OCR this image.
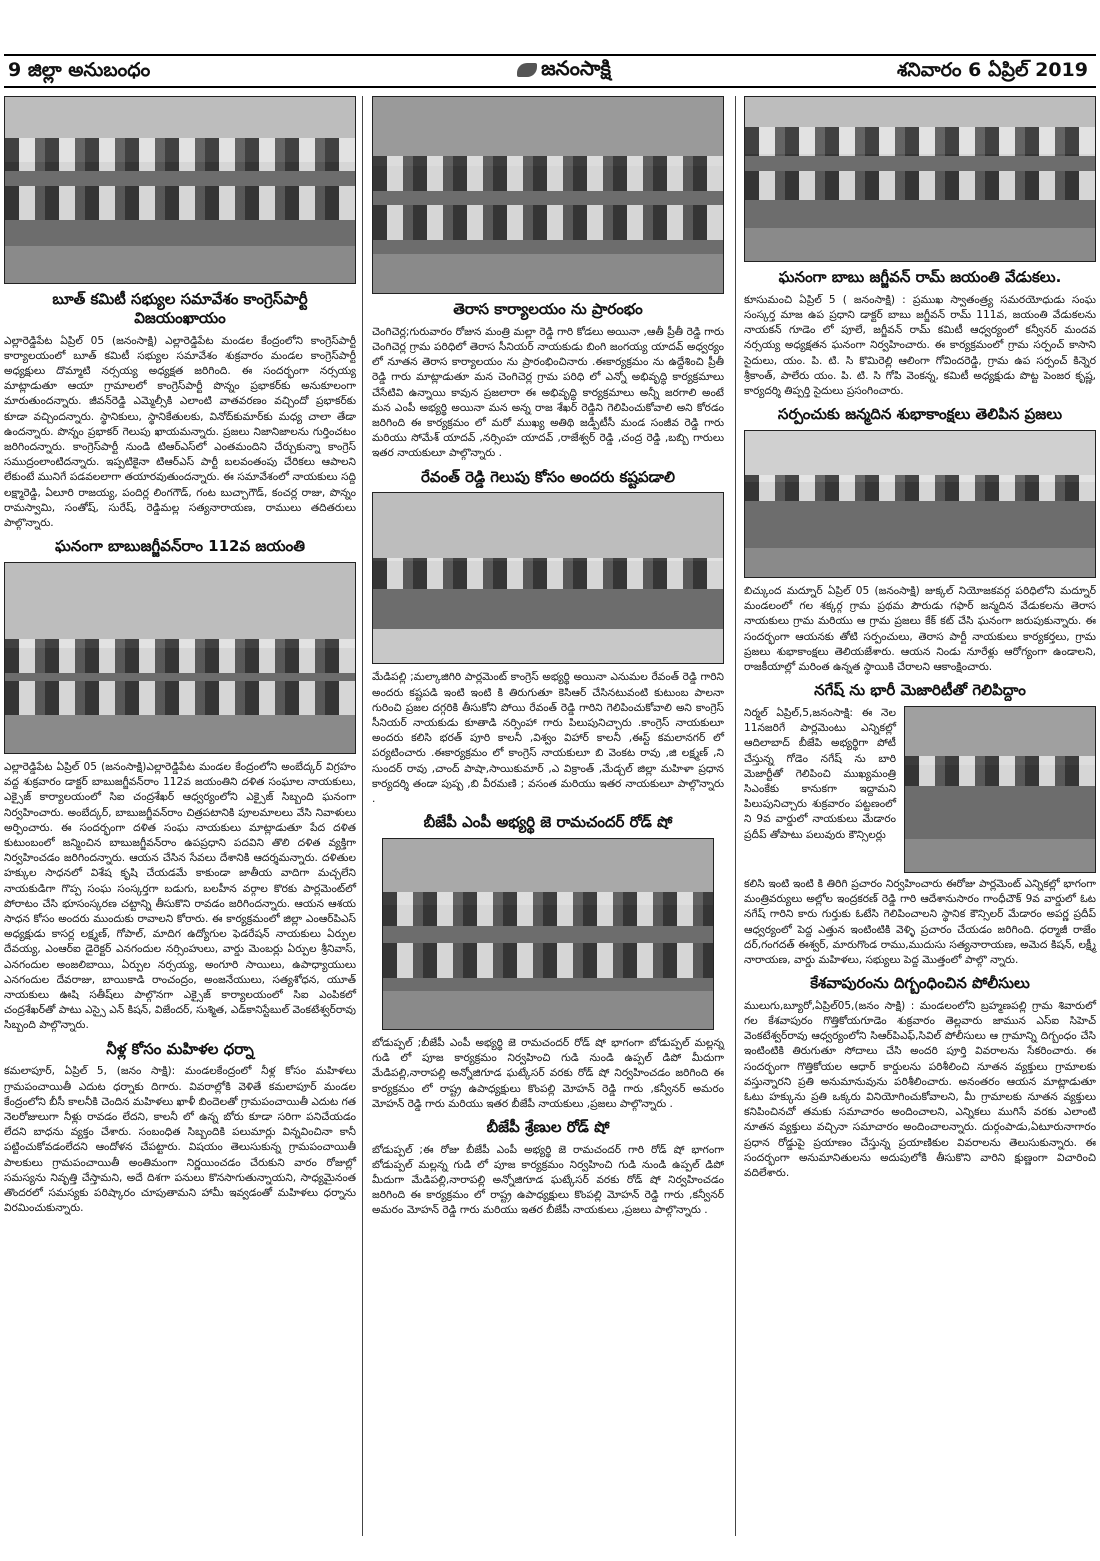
9 జిల్లా అనుబంధం	జనంసాక్షి	శనివారం 6 ఏప్రిల్ 2019
బూత్ కమిటీ సభ్యుల సమావేశం కాంగ్రెస్‌పార్టీ విజయంఖాయం

ఎల్లారెడ్డిపేట ఏప్రిల్ 05 (జనంసాక్షి) ఎల్లారెడ్డిపేట మండల కేంద్రంలోని కాంగ్రెస్‌పార్టీ కార్యాలయంలో బూత్ కమిటీ సభ్యుల సమావేశం శుక్రవారం మండల కాంగ్రెస్‌పార్టీ అధ్యక్షులు దొమ్మాటి నర్సయ్య అధ్యక్షత జరిగింది. ఈ సందర్భంగా నర్సయ్య మాట్లాడుతూ ఆయా గ్రామాలలో కాంగ్రెస్‌పార్టీ పొన్నం ప్రభాకర్‌కు అనుకూలంగా మారుతుందన్నారు. జీవన్‌రెడ్డి ఎమ్మెల్సీకి ఎలాంటి వాతవరణం వచ్చిందో ప్రభాకర్‌కు కూడా వచ్చిందన్నారు. స్థానికులు, స్థానికేతులకు, వినోద్‌కుమార్‌కు మధ్య చాలా తేడా ఉందన్నారు. పొన్నం ప్రభాకర్ గెలుపు ఖాయమన్నారు. ప్రజలు నిజానిజాలను గుర్తించటం జరిగిందన్నారు. కాంగ్రెస్‌పార్టీ నుండి టిఆర్‌ఎస్‌లో ఎంతమందిని చేర్చుకున్నా కాంగ్రెస్ సముద్రంలాంటిదన్నారు. ఇప్పటికైనా టిఆర్‌ఎస్ పార్టీ బలవంతంపు చేరికలు ఆపాలని లేకుంటే మునిగే పడవలలాగా తయారవుతుందన్నారు. ఈ సమావేశంలో నాయకులు సద్ది లక్ష్మారెడ్డి, ఏలూరి రాజయ్య, పందిర్ల లింగగౌడ్, గంట బుచ్చాగౌడ్, కంచర్ల రాజు, పొన్నం రామస్వామి, సంతోష్, సురేష్, రెడ్డిమల్ల సత్యనారాయణ, రాములు తదితరులు పాల్గొన్నారు.

ఘనంగా బాబుజగ్జీవన్‌రాం 112వ జయంతి

ఎల్లారెడ్డిపేట ఏప్రిల్ 05 (జనంసాక్షి)ఎల్లారెడ్డిపేట మండల కేంద్రంలోని అంబేద్కర్ విగ్రహం వద్ద శుక్రవారం డాక్టర్ బాబుజగ్జీవన్‌రాం 112వ జయంతిని దళిత సంఘాల నాయకులు, ఎక్సైజ్ కార్యాలయంలో సిఐ చంద్రశేఖర్ ఆధ్వర్యంలోని ఎక్సైజ్ సిబ్బంది ఘనంగా నిర్వహించారు. అంబేద్కర్, బాబుజగ్జీవన్‌రాం చిత్రపటానికి పూలమాలలు వేసి నివాళులు అర్పించారు. ఈ సందర్భంగా దళిత సంఘ నాయకులు మాట్లాడుతూ పేద దళిత కుటుంబంలో జన్మించిన బాబుజగ్జీవన్‌రాం ఉపప్రధాని పదవిని తొలి దళిత వ్యక్తిగా నిర్వహించడం జరిగిందన్నారు. ఆయన చేసిన సేవలు దేశానికి ఆదర్శమన్నారు. దళితుల హక్కుల సాధనలో విశేష కృషి చేయడమే కాకుండా జాతీయ వాదిగా మచ్చలేని నాయకుడిగా గొప్ప సంఘ సంస్కర్తగా బడుగు, బలహీన వర్గాల కొరకు పార్లమెంట్‌లో పోరాటం చేసి భూసంస్కరణ చట్టాన్ని తీసుకొని రావడం జరిగిందన్నారు. ఆయన ఆశయ సాధన కోసం అందరు ముందుకు రావాలని కోరారు. ఈ కార్యక్రమంలో జిల్లా ఎంఆర్‌పిఎస్ అధ్యక్షుడు కాసర్ల లక్ష్మణ్, గోపాల్, మాదిగ ఉద్యోగుల ఫెడరేషన్ నాయకులు ఏర్పుల దేవయ్య, ఎంఆర్‌ఐ డైరెక్టర్ ఎనగందుల నర్సింహులు, వార్డు మెంబర్లు ఏర్పుల శ్రీనివాస్, ఎనగందుల అంజలిబాయి, ఏర్పుల నర్సయ్య, అంగూరి సాయిలు, ఉపాధ్యాయులు ఎనగందుల దేవరాజు, బాయికాడి రాంచంద్రం, అంజనేయులు, సత్యశోధన, యూత్ నాయకులు ఊషి సతీష్‌లు పాల్గొనగా ఎక్సైజ్ కార్యాలయంలో సిఐ ఎంపికలో చంద్రశేఖర్‌తో పాటు ఎస్సై ఎన్ కిషన్, విజేందర్, సుశ్మిత, ఎడ్‌కానిస్టేబుల్ వెంకటేశ్వర్‌రావు సిబ్బంది పాల్గొన్నారు.

నీళ్ల కోసం మహిళల ధర్నా

కమలాపూర్, ఏప్రిల్ 5, (జనం సాక్షి): మండలకేంద్రంలో నీళ్ల కోసం మహిళలు గ్రామపంచాయితీ ఎదుట ధర్నాకు దిగారు. వివరాల్లోకి వెళితే కమలాపూర్ మండల కేంద్రంలోని బీసీ కాలనీకి చెందిన మహిళలు ఖాళీ బిందెలతో గ్రామపంచాయితీ ఎదుట గత నెలరోజులుగా నీళ్లు రావడం లేదని, కాలనీ లో ఉన్న బోరు కూడా సరిగా పనిచేయడం లేదని బాధను వ్యక్తం చేశారు. సంబంధిత సిబ్బందికి పలుమార్లు విన్నవించినా కానీ పట్టించుకోవడంలేదని ఆందోళన చేపట్టారు. విషయం తెలుసుకున్న గ్రామపంచాయితీ పాలకులు గ్రామపంచాయితీ అంతిమంగా నిర్ణయించడం చేరుకుని వారం రోజుల్లో సమస్యను నివృత్తి చేస్తామని, అదే దిశగా పనులు కొనసాగుతున్నాయని, సాధ్యమైనంత తొందరలో సమస్యకు పరిష్కారం చూపుతామని హామీ ఇవ్వడంతో మహిళలు ధర్నాను విరమించుకున్నారు.

తెరాస కార్యాలయం ను ప్రారంభం

చెంగిచెర్ల;గురువారం రోజున మంత్రి మల్లా రెడ్డి గారి కోడలు అయినా ,ఆతీ ప్రీతీ రెడ్డి గారు చెంగిచెర్ల గ్రామ పరిధిలో తెరాస సీనియర్ నాయకుడు బింగి జంగయ్య యాదవ్ అధ్వర్యం లో నూతన తెరాస కార్యాలయం ను ప్రారంభించినారు .ఈకార్యక్రమం ను ఉద్దేశించి ప్రీతీ రెడ్డి గారు మాట్లాడుతూ మన చెంగిచెర్ల గ్రామ పరిధి లో ఎన్నో అభివృద్ధి కార్యక్రమాలు చేసేటివి ఉన్నాయి కావున ప్రజలారా ఈ అభివృద్ధి కార్యక్రమాలు అన్నీ జరగాలి అంటే మన ఎంపీ అభ్యర్థి అయినా మన అన్న రాజ శేఖర్ రెడ్డిని గెలిపించుకోవాలి అని కోరడం జరిగింది ఈ కార్యక్రమం లో మరో ముఖ్య అతిథి జడ్పీటీసీ మండ సంజీవ రెడ్డి గారు మరియు సోమేశ్ యాదవ్ ,నర్సింహ యాదవ్ ,రాజేశ్వర్ రెడ్డి ,చంద్ర రెడ్డి ,బబ్బి గారులు ఇతర నాయకులూ పాల్గొన్నారు .

రేవంత్ రెడ్డి గెలుపు కోసం అందరు కష్టపడాలి

మేడిపల్లి ;మల్కాజిగిరి పార్లమెంట్ కాంగ్రెస్ అభ్యర్థి అయినా ఎనుమల రేవంత్ రెడ్డి గారిని అందరు కష్టపడి ఇంటి ఇంటి కి తిరుగుతూ కెసిఆర్ చేసినటువంటి కుటుంబ పాలనా గురించి ప్రజల దగ్గరికి తీసుకోని పోయి రేవంత్ రెడ్డి గారిని గెలిపించుకోవాలి అని కాంగ్రెస్ సీనియర్ నాయకుడు కూతాడి నర్సింహా గారు పిలుపునిచ్చారు .కాంగ్రెస్ నాయకులూ అందరు కలిసి భరత్ పూరి కాలనీ ,విశ్వం విహార్ కాలనీ ,ఈస్ట్ కమలానగర్ లో పర్యటించారు .ఈకార్యక్రమం లో కాంగ్రెస్ నాయకులూ బి వెంకట రావు ,జి లక్ష్మణ్ ,ని సుందర్ రావు ,చాంద్ పాషా,సాయికుమార్ ,ఎ విక్రాంత్ ,మేడ్చల్ జిల్లా మహిళా ప్రధాన కార్యదర్శి తండా పుష్ప ,బి వీరమణి ; వసంత మరియు ఇతర నాయకులూ పాల్గొన్నారు .

బీజేపీ ఎంపీ అభ్యర్థి జె రామచందర్ రోడ్ షో

బోడుప్పల్ ;బీజేపీ ఎంపీ అభ్యర్థి జె రామచందర్ రోడ్ షో భాగంగా బోడుప్పల్ మల్లన్న గుడి లో పూజ కార్యక్రమం నిర్వహించి గుడి నుండి ఉప్పల్ డిపో మీదుగా మేడిపల్లి,నారాపల్లి అన్నోజిగూడ ఘట్కేసర్ వరకు రోడ్ షో నిర్వహించడం జరిగింది ఈ కార్యక్రమం లో రాష్ట్ర ఉపాధ్యక్షులు కొంపల్లి మోహన్ రెడ్డి గారు ,కన్వీనర్ అమరం మోహన్ రెడ్డి గారు మరియు ఇతర బీజేపీ నాయకులు ,ప్రజలు పాల్గొన్నారు .

బీజేపీ శ్రేణుల రోడ్ షో

బోడుప్పల్ ;ఈ రోజు బీజేపీ ఎంపీ అభ్యర్థి జె రామచందర్ గారి రోడ్ షో భాగంగా బోడుప్పల్ మల్లన్న గుడి లో పూజ కార్యక్రమం నిర్వహించి గుడి నుండి ఉప్పల్ డిపో మీదుగా మేడిపల్లి,నారాపల్లి అన్నోజిగూడ ఘట్కేసర్ వరకు రోడ్ షో నిర్వహించడం జరిగింది ఈ కార్యక్రమం లో రాష్ట్ర ఉపాధ్యక్షులు కొంపల్లి మోహన్ రెడ్డి గారు ,కన్వీనర్ అమరం మోహన్ రెడ్డి గారు మరియు ఇతర బీజేపీ నాయకులు ,ప్రజలు పాల్గొన్నారు .

ఘనంగా బాబు జగ్జీవన్ రామ్ జయంతి వేడుకలు.

కూసుమంచి ఏప్రిల్ 5 ( జనంసాక్షి) : ప్రముఖ స్వాతంత్ర్య సమరయోధుడు సంఘ సంస్కర్త మాజ ఉప ప్రధాని డాక్టర్ బాబు జగ్జీవన్ రామ్ 111వ, జయంతి వేడుకలను నాయకన్ గూడెం లో పూలే, జగ్జీవన్ రామ్ కమిటీ ఆధ్వర్యంలో కన్వీనర్ మందవ నర్సయ్య అధ్యక్షతన ఘనంగా నిర్వహించారు. ఈ కార్యక్రమంలో గ్రామ సర్పంచ్ కాసాని సైదులు, యం. పి. టి. సి కొమిరెల్లి ఆలింగా గోవిందరెడ్డి, గ్రామ ఉప సర్పంచ్ కిన్నెర శ్రీకాంత్, పాలేరు యం. పి. టి. సి గోపి వెంకన్న, కమిటీ అధ్యక్షుడు పొట్ట పెంజర కృష్ణ, కార్యదర్శి తిప్పర్తి సైదులు ప్రసంగించారు.

సర్పంచుకు జన్మదిన శుభాకాంక్షలు తెలిపిన ప్రజలు

బిచ్కుంద మద్నూర్ ఏప్రిల్ 05 (జనంసాక్షి) జుక్కల్ నియోజకవర్గ పరిధిలోని మద్నూర్ మండలంలో గల శక్కర్గ గ్రామ ప్రథమ పౌరుడు గఫార్ జన్మదిన వేడుకలను తెరాస నాయకులు గ్రామ మరియు ఆ గ్రామ ప్రజలు కేక్ కట్ చేసి ఘనంగా జరుపుకున్నారు. ఈ సందర్భంగా ఆయనకు తోటి సర్పంచులు, తెరాస పార్టీ నాయకులు కార్యకర్తలు, గ్రామ ప్రజలు శుభాకాంక్షలు తెలియజేశారు. ఆయన నిండు నూరేళ్లు ఆరోగ్యంగా ఉండాలని, రాజకీయాల్లో మరింత ఉన్నత స్థాయికి చేరాలని ఆకాంక్షించారు.

నగేష్ ను భారీ మెజారిటీతో గెలిపిద్దాం

నిర్మల్ ఏప్రిల్,5,జనంసాక్షి: ఈ నెల 11నజరిగే పార్లమెంటు ఎన్నికల్లో ఆదిలాబాద్ బీజేపి అభ్యర్థిగా పోటీ చేస్తున్న గోడెం నగేష్ ను బారి మెజార్టీతో గెలిపించి ముఖ్యమంత్రి సిఎంకేకు కానుకగా ఇద్దామని పిలుపునిచ్చారు శుక్రవారం పట్టణంలో ని 9వ వార్డులో నాయకులు మేడారం ప్రదీప్ తోపాటు పలువురు కౌన్సిలర్లు

కలిసి ఇంటి ఇంటి కి తిరిగి ప్రచారం నిర్వహించారు ఈరోజు పార్లమెంట్ ఎన్నికల్లో భాగంగా మంత్రివర్యులు అల్లోల ఇంద్రకరణ్ రెడ్డి గారి ఆదేశానుసారం గాంధీచౌక్ 9వ వార్డులో ఓట నగేష్ గారిని కారు గుర్తుకు ఓటేసి గెలిపించాలని స్థానిక కౌన్సిలర్ మేడారం అపర్ణ ప్రదీప్ ఆధ్వర్యంలో పెద్ద ఎత్తున ఇంటింటికి వెళ్ళి ప్రచారం చేయడం జరిగింది. ధర్మాజీ రాజేం దర్,గంగదత్ ఈశ్వర్, మారుగొండ రాము,ముదుసు సత్యనారాయణ, అమెద కిషన్, లక్ష్మీ నారాయణ, వార్డు మహిళలు, సభ్యులు పెద్ద మొత్తంలో పాల్గొ న్నారు.

కేశవాపురంను దిగ్బంధించిన పోలీసులు

ములుగు,బ్యూరో,ఏప్రిల్05,(జనం సాక్షి) : మండలంలోని బ్రహ్మణపల్లి గ్రామ శివారులో గల కేశవాపురం గొత్తికోయగూడెం శుక్రవారం తెల్లవారు జామున ఎస్ఐ సిహెచ్ వెంకటేశ్వర్‌రావు ఆధ్వర్యంలోని సిఆర్‌పిఎఫ్,సివిల్ పోలీసులు ఆ గ్రామాన్ని దిగ్బంధం చేసి ఇంటింటికి తిరుగుతూ సోదాలు చేసి అందరి పూర్తి వివరాలను సేకరించారు. ఈ సందర్భంగా గొత్తికోయల ఆధార్ కార్డులను పరిశీలించి నూతన వ్యక్తులు గ్రామాలకు వస్తున్నారని ప్రతి అనుమానువును పరిశీలించారు. అనంతరం ఆయన మాట్లాడుతూ ఓటు హక్కును ప్రతి ఒక్కరు వినియోగించుకోవాలని, మీ గ్రామాలకు నూతన వ్యక్తులు కనిపించినచో తమకు సమాచారం అందించాలని, ఎన్నికలు ముగిసే వరకు ఎలాంటి నూతన వ్యక్తులు వచ్చినా సమాచారం అందించాలన్నారు. దుర్గంపాడు,ఏటూరునాగారం ప్రధాన రోడ్డుపై ప్రయాణం చేస్తున్న ప్రయాణికుల వివరాలను తెలుసుకున్నారు. ఈ సందర్భంగా అనుమానితులను అదుపులోకి తీసుకొని వారిని క్షుణ్ణంగా విచారించి వదిలేశారు.
